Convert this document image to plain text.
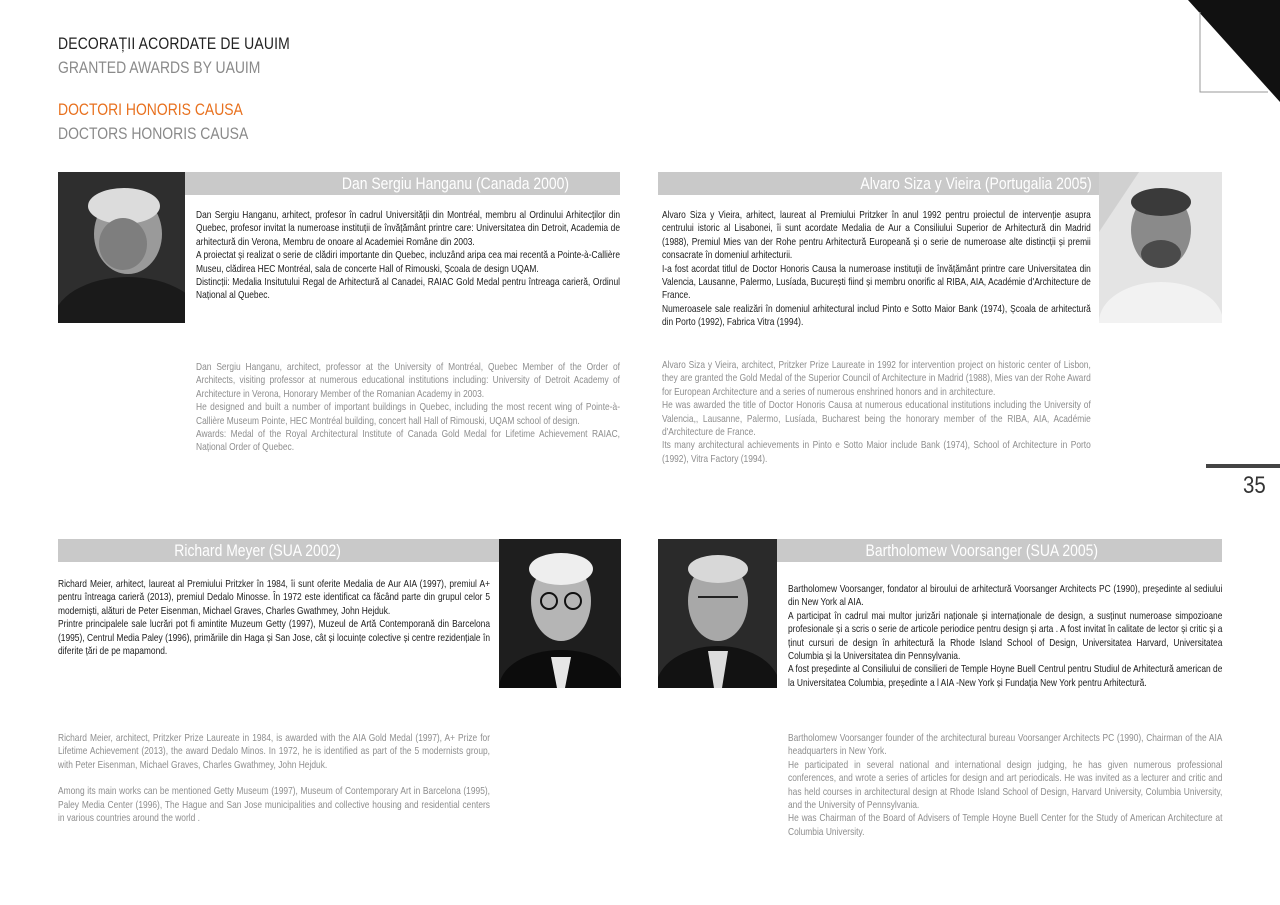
DECORAȚII ACORDATE DE UAUIM
GRANTED AWARDS BY UAUIM
DOCTORI HONORIS CAUSA
DOCTORS HONORIS CAUSA
35
Dan Sergiu Hanganu (Canada 2000)

Dan Sergiu Hanganu, arhitect, profesor în cadrul Universității din Montréal, membru al Ordinului Arhitecților din Quebec, profesor invitat la numeroase instituții de învățământ printre care: Universitatea din Detroit, Academia de arhitectură din Verona, Membru de onoare al Academiei Române din 2003.

A proiectat și realizat o serie de clădiri importante din Quebec, incluzând aripa cea mai recentă a Pointe-à-Callière Museu, clădirea HEC Montréal, sala de concerte Hall of Rimouski, Școala de design UQAM.

Distincții: Medalia Insitutului Regal de Arhitectură al Canadei, RAIAC Gold Medal pentru întreaga carieră, Ordinul Național al Quebec.

Dan Sergiu Hanganu, architect, professor at the University of Montréal, Quebec Member of the Order of Architects, visiting professor at numerous educational institutions including: University of Detroit Academy of Architecture in Verona, Honorary Member of the Romanian Academy in 2003.

He designed and built a number of important buildings in Quebec, including the most recent wing of Pointe-à-Callière Museum Pointe, HEC Montréal building, concert hall Hall of Rimouski, UQAM school of design.

Awards: Medal of the Royal Architectural Institute of Canada Gold Medal for Lifetime Achievement RAIAC, Național Order of Quebec.

Alvaro Siza y Vieira (Portugalia 2005)

Alvaro Siza y Vieira, arhitect, laureat al Premiului Pritzker în anul 1992 pentru proiectul de intervenție asupra centrului istoric al Lisabonei, îi sunt acordate Medalia de Aur a Consiliului Superior de Arhitectură din Madrid (1988), Premiul Mies van der Rohe pentru Arhitectură Europeană și o serie de numeroase alte distincții și premii consacrate în domeniul arhitecturii.

I-a fost acordat titlul de Doctor Honoris Causa la numeroase instituții de învățământ printre care Universitatea din Valencia, Lausanne, Palermo, Lusíada, București fiind și membru onorific al RIBA, AIA, Académie d'Architecture de France.

Numeroasele sale realizări în domeniul arhitectural includ Pinto e Sotto Maior Bank (1974), Școala de arhitectură din Porto (1992), Fabrica Vitra (1994).

Alvaro Siza y Vieira, architect, Pritzker Prize Laureate in 1992 for intervention project on historic center of Lisbon, they are granted the Gold Medal of the Superior Council of Architecture in Madrid (1988), Mies van der Rohe Award for European Architecture and a series of numerous enshrined honors and in architecture.

He was awarded the title of Doctor Honoris Causa at numerous educational institutions including the University of Valencia,, Lausanne, Palermo, Lusíada, Bucharest being the honorary member of the RIBA, AIA, Académie d'Architecture de France.

Its many architectural achievements in Pinto e Sotto Maior include Bank (1974), School of Architecture in Porto (1992), Vitra Factory (1994).

Richard Meyer (SUA 2002)

Richard Meier, arhitect, laureat al Premiului Pritzker în 1984, îi sunt oferite Medalia de Aur AIA (1997), premiul A+ pentru întreaga carieră (2013), premiul Dedalo Minosse. În 1972 este identificat ca făcând parte din grupul celor 5 moderniști, alături de Peter Eisenman, Michael Graves, Charles Gwathmey, John Hejduk.

Printre principalele sale lucrări pot fi amintite Muzeum Getty (1997), Muzeul de Artă Contemporană din Barcelona (1995), Centrul Media Paley (1996), primăriile din Haga și San Jose, cât și locuințe colective și centre rezidențiale în diferite țări de pe mapamond.

Richard Meier, architect, Pritzker Prize Laureate in 1984, is awarded with the AIA Gold Medal (1997), A+ Prize for Lifetime Achievement (2013), the award Dedalo Minos. In 1972, he is identified as part of the 5 modernists group, with Peter Eisenman, Michael Graves, Charles Gwathmey, John Hejduk.

Among its main works can be mentioned Getty Museum (1997), Museum of Contemporary Art in Barcelona (1995), Paley Media Center (1996), The Hague and San Jose municipalities and collective housing and residential centers in various countries around the world .

Bartholomew Voorsanger (SUA 2005)

Bartholomew Voorsanger, fondator al biroului de arhitectură Voorsanger Architects PC (1990), președinte al sediului din New York al AIA.

A participat în cadrul mai multor jurizări naționale și internaționale de design, a susținut numeroase simpozioane profesionale și a scris o serie de articole periodice pentru design și arta . A fost invitat în calitate de lector și critic și a ținut cursuri de design în arhitectură la Rhode Island School of Design, Universitatea Harvard, Universitatea Columbia și la Universitatea din Pennsylvania.

A fost președinte al Consiliului de consilieri de Temple Hoyne Buell Centrul pentru Studiul de Arhitectură american de la Universitatea Columbia, președinte a l AIA -New York și Fundația New York pentru Arhitectură.

Bartholomew Voorsanger founder of the architectural bureau Voorsanger Architects PC (1990), Chairman of the AIA headquarters in New York.

He participated in several national and international design judging, he has given numerous professional conferences, and wrote a series of articles for design and art periodicals. He was invited as a lecturer and critic and has held courses in architectural design at Rhode Island School of Design, Harvard University, Columbia University, and the University of Pennsylvania.

He was Chairman of the Board of Advisers of Temple Hoyne Buell Center for the Study of American Architecture at Columbia University.
